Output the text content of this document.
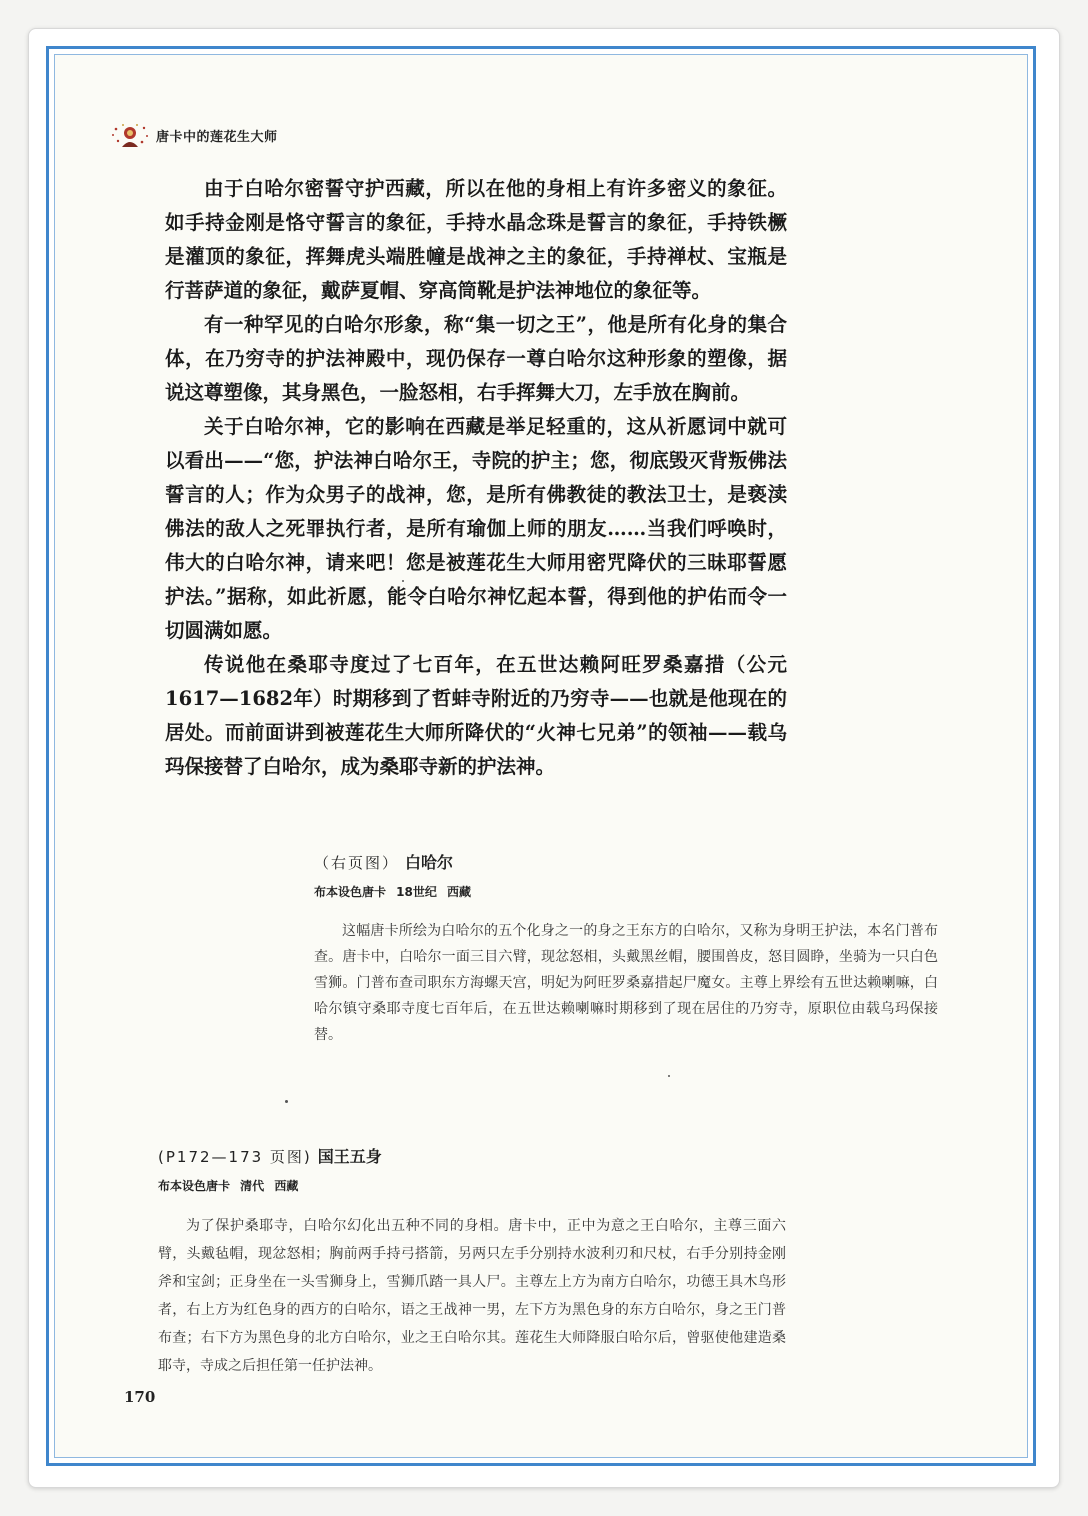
唐卡中的莲花生大师

由于白哈尔密誓守护西藏，所以在他的身相上有许多密义的象征。如手持金刚是恪守誓言的象征，手持水晶念珠是誓言的象征，手持铁橛是灌顶的象征，挥舞虎头端胜幢是战神之主的象征，手持禅杖、宝瓶是行菩萨道的象征，戴萨夏帽、穿高筒靴是护法神地位的象征等。

有一种罕见的白哈尔形象，称“集一切之王”，他是所有化身的集合体，在乃穷寺的护法神殿中，现仍保存一尊白哈尔这种形象的塑像，据说这尊塑像，其身黑色，一脸怒相，右手挥舞大刀，左手放在胸前。

关于白哈尔神，它的影响在西藏是举足轻重的，这从祈愿词中就可以看出——“您，护法神白哈尔王，寺院的护主；您，彻底毁灭背叛佛法誓言的人；作为众男子的战神，您，是所有佛教徒的教法卫士，是亵渎佛法的敌人之死罪执行者，是所有瑜伽上师的朋友……当我们呼唤时，伟大的白哈尔神，请来吧！您是被莲花生大师用密咒降伏的三昧耶誓愿护法。”据称，如此祈愿，能令白哈尔神忆起本誓，得到他的护佑而令一切圆满如愿。

传说他在桑耶寺度过了七百年，在五世达赖阿旺罗桑嘉措（公元1617—1682年）时期移到了哲蚌寺附近的乃穷寺——也就是他现在的居处。而前面讲到被莲花生大师所降伏的“火神七兄弟”的领袖——载乌玛保接替了白哈尔，成为桑耶寺新的护法神。

（右页图） 白哈尔
布本设色唐卡 18世纪 西藏

这幅唐卡所绘为白哈尔的五个化身之一的身之王东方的白哈尔，又称为身明王护法，本名门普布查。唐卡中，白哈尔一面三目六臂，现忿怒相，头戴黑丝帽，腰围兽皮，怒目圆睁，坐骑为一只白色雪狮。门普布查司职东方海螺天宫，明妃为阿旺罗桑嘉措起尸魔女。主尊上界绘有五世达赖喇嘛，白哈尔镇守桑耶寺度七百年后，在五世达赖喇嘛时期移到了现在居住的乃穷寺，原职位由载乌玛保接替。

(P172—173 页图) 国王五身
布本设色唐卡 清代 西藏

为了保护桑耶寺，白哈尔幻化出五种不同的身相。唐卡中，正中为意之王白哈尔，主尊三面六臂，头戴毡帽，现忿怒相；胸前两手持弓搭箭，另两只左手分别持水波利刃和尺杖，右手分别持金刚斧和宝剑；正身坐在一头雪狮身上，雪狮爪踏一具人尸。主尊左上方为南方白哈尔，功德王具木鸟形者，右上方为红色身的西方的白哈尔，语之王战神一男，左下方为黑色身的东方白哈尔，身之王门普布查；右下方为黑色身的北方白哈尔，业之王白哈尔其。莲花生大师降服白哈尔后，曾驱使他建造桑耶寺，寺成之后担任第一任护法神。

170
